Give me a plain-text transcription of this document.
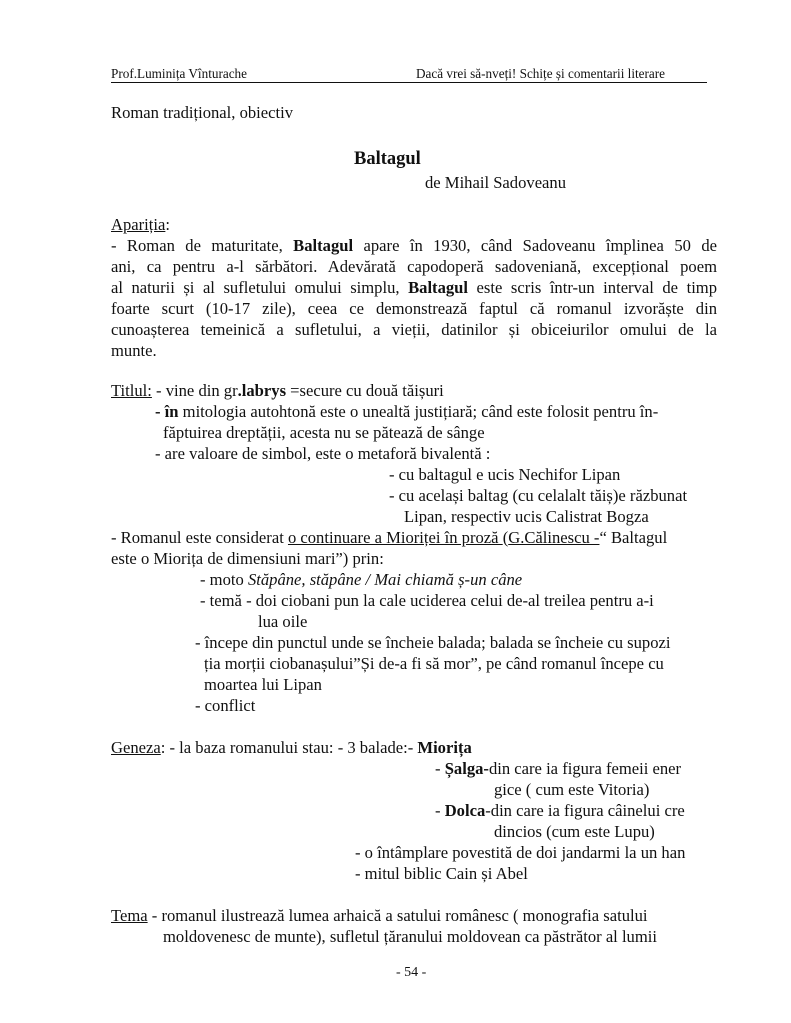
Prof.Luminița Vînturache	Dacă vrei să-nveți! Schițe și comentarii literare
Roman tradițional, obiectiv
Baltagul
de Mihail Sadoveanu
Apariția:
- Roman de maturitate, Baltagul apare în 1930, când Sadoveanu împlinea 50 de
ani, ca pentru a-l sărbători. Adevărată capodoperă sadoveniană, excepțional poem
al naturii și al sufletului omului simplu, Baltagul este scris într-un interval de timp
foarte scurt (10-17 zile), ceea ce demonstrează faptul că romanul izvorăște din
cunoașterea temeinică a sufletului, a vieții, datinilor și obiceiurilor omului de la
munte.
Titlul: - vine din gr.labrys =secure cu două tăișuri
- în mitologia autohtonă este o unealtă justițiară; când este folosit pentru în-
făptuirea dreptății, acesta nu se pătează de sânge
- are valoare de simbol, este o metaforă bivalentă :
- cu baltagul e ucis Nechifor Lipan
- cu același baltag (cu celalalt tăiș)e răzbunat
Lipan, respectiv ucis Calistrat Bogza
- Romanul este considerat o continuare a Mioriței în proză (G.Călinescu -“ Baltagul
este o Miorița de dimensiuni mari”) prin:
- moto Stăpâne, stăpâne / Mai chiamă ș-un câne
- temă - doi ciobani pun la cale uciderea celui de-al treilea pentru a-i
lua oile
- începe din punctul unde se încheie balada; balada se încheie cu supozi
ția morții ciobanașului”Și de-a fi să mor”, pe când romanul începe cu
moartea lui Lipan
- conflict
Geneza: - la baza romanului stau: - 3 balade:- Miorița
- Șalga-din care ia figura femeii ener
gice ( cum este Vitoria)
- Dolca-din care ia figura câinelui cre
dincios (cum este Lupu)
- o întâmplare povestită de doi jandarmi la un han
- mitul biblic Cain și Abel
Tema - romanul ilustrează lumea arhaică a satului românesc ( monografia satului
moldovenesc de munte), sufletul țăranului moldovean ca păstrător al lumii
- 54 -
